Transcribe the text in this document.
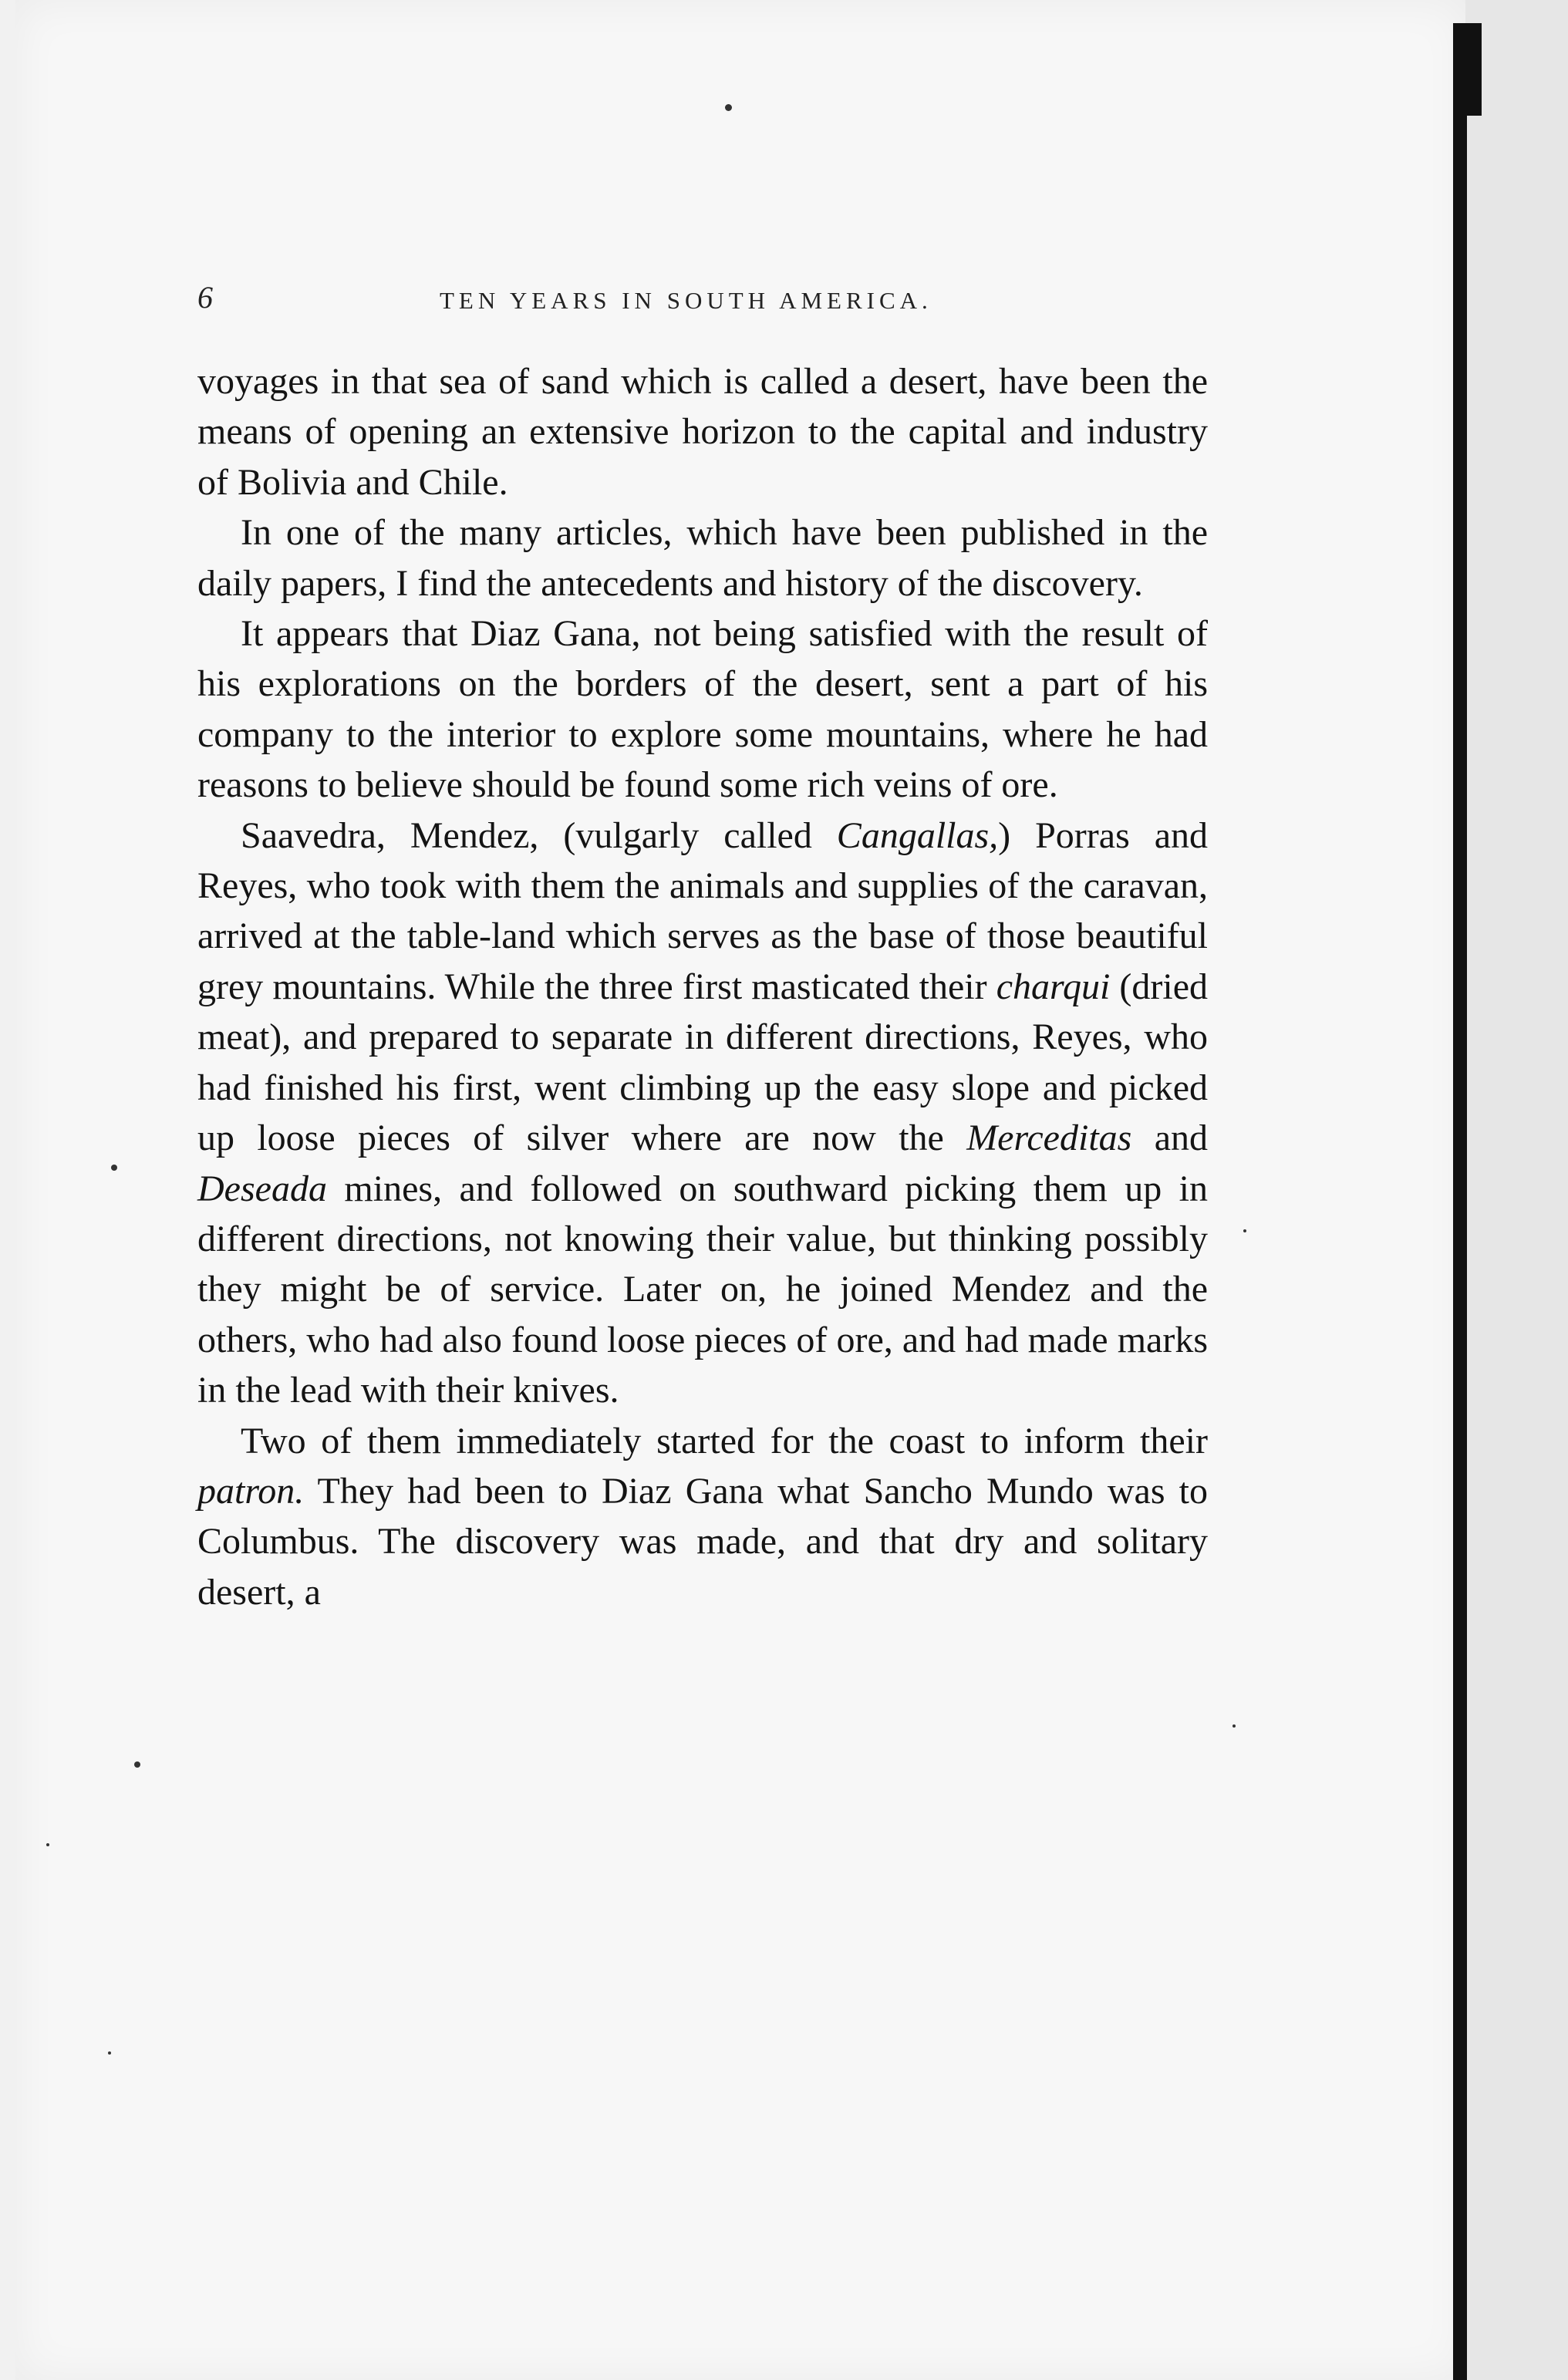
6	TEN YEARS IN SOUTH AMERICA.

voyages in that sea of sand which is called a desert, have been the means of opening an extensive horizon to the capital and industry of Bolivia and Chile.

In one of the many articles, which have been published in the daily papers, I find the antecedents and history of the discovery.

It appears that Diaz Gana, not being satisfied with the result of his explorations on the borders of the desert, sent a part of his company to the interior to explore some mountains, where he had reasons to believe should be found some rich veins of ore.

Saavedra, Mendez, (vulgarly called Cangallas,) Porras and Reyes, who took with them the animals and supplies of the caravan, arrived at the table-land which serves as the base of those beautiful grey mountains. While the three first masticated their charqui (dried meat), and prepared to separate in different directions, Reyes, who had finished his first, went climbing up the easy slope and picked up loose pieces of silver where are now the Merceditas and Deseada mines, and followed on southward picking them up in different directions, not knowing their value, but thinking possibly they might be of service. Later on, he joined Mendez and the others, who had also found loose pieces of ore, and had made marks in the lead with their knives.

Two of them immediately started for the coast to inform their patron. They had been to Diaz Gana what Sancho Mundo was to Columbus. The discovery was made, and that dry and solitary desert, a
